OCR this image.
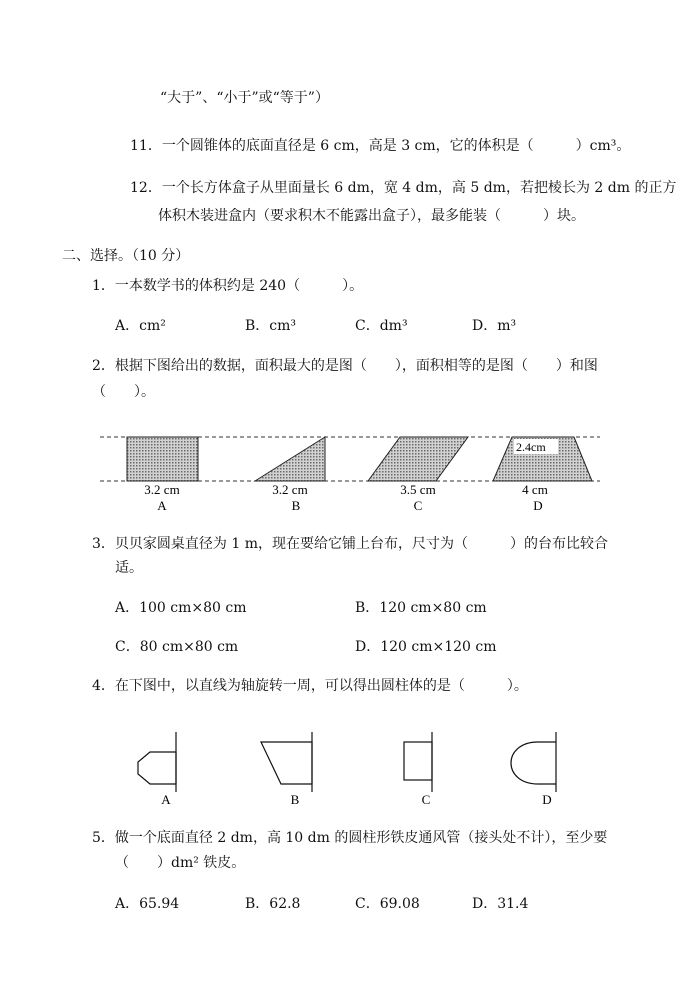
“大于”、“小于”或“等于”）
11．一个圆锥体的底面直径是 6 cm，高是 3 cm，它的体积是（　　　）cm³。
12．一个长方体盒子从里面量长 6 dm，宽 4 dm，高 5 dm，若把棱长为 2 dm 的正方
体积木装进盒内（要求积木不能露出盒子），最多能装（　　　）块。
二、选择。（10 分）
1．一本数学书的体积约是 240（　　　）。
A．cm²	B．cm³	C．dm³	D．m³
2．根据下图给出的数据，面积最大的是图（　　），面积相等的是图（　　）和图
（　　）。
2.4cm
3.2 cm	3.2 cm	3.5 cm	4 cm
A	B	C	D
3．贝贝家圆桌直径为 1 m，现在要给它铺上台布，尺寸为（　　　）的台布比较合
适。
A．100 cm×80 cm	B．120 cm×80 cm
C．80 cm×80 cm	D．120 cm×120 cm
4．在下图中，以直线为轴旋转一周，可以得出圆柱体的是（　　　）。
A	B	C	D
5．做一个底面直径 2 dm，高 10 dm 的圆柱形铁皮通风管（接头处不计），至少要
（　　）dm² 铁皮。
A．65.94	B．62.8	C．69.08	D．31.4
